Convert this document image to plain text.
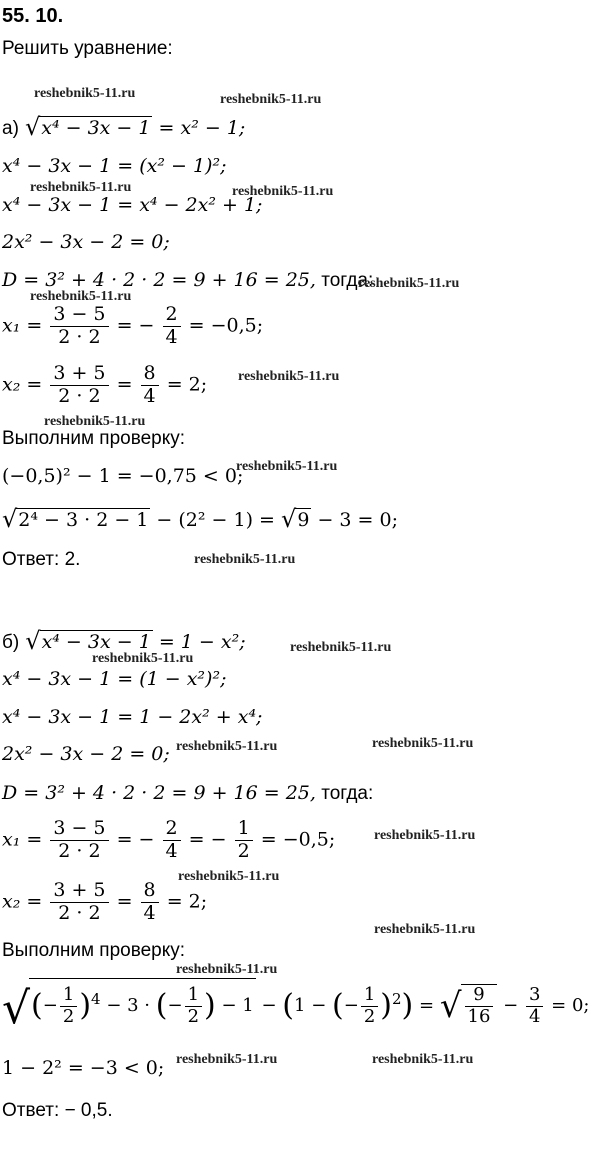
55. 10.
Решить уравнение:
а) √x⁴ − 3x − 1 = x² − 1;
x⁴ − 3x − 1 = (x² − 1)²;
x⁴ − 3x − 1 = x⁴ − 2x² + 1;
2x² − 3x − 2 = 0;
D = 3² + 4 · 2 · 2 = 9 + 16 = 25, тогда:
$x_1 = \frac{3 - 5}{2 \cdot 2}$ = − $\frac{2}{4} = -0,5$;
$x_2 = \frac{3 + 5}{2 \cdot 2} = \frac{8}{4} = 2$;
Выполним проверку:
(−0,5)² − 1 = −0,75 < 0;
√2⁴ − 3 · 2 − 1 − (2² − 1) = √9 − 3 = 0;
Ответ: 2.
б) √x⁴ − 3x − 1 = 1 − x²;
x⁴ − 3x − 1 = (1 − x²)²;
x⁴ − 3x − 1 = 1 − 2x² + x⁴;
2x² − 3x − 2 = 0;
D = 3² + 4 · 2 · 2 = 9 + 16 = 25, тогда:
$x_1 = \frac{3 - 5}{2 \cdot 2}$ = − $\frac{2}{4}$ = − $\frac{1}{2} = -0,5$;
$x_2 = \frac{3 + 5}{2 \cdot 2} = \frac{8}{4} = 2$;
Выполним проверку:
√(− $\frac{1}{2} )^4 - 3$ · (− $\frac{1}{2}$ ) − 1 − (1 − (− $\frac{1}{2} )^2$) = √ $\frac{9}{16} - \frac{3}{4} = 0$;
1 − 2² = −3 < 0;
Ответ: − 0,5.
reshebnik5-11.ru	reshebnik5-11.ru
reshebnik5-11.ru	reshebnik5-11.ru
reshebnik5-11.ru
reshebnik5-11.ru
reshebnik5-11.ru
reshebnik5-11.ru
reshebnik5-11.ru
reshebnik5-11.ru
reshebnik5-11.ru
reshebnik5-11.ru
reshebnik5-11.ru	reshebnik5-11.ru
reshebnik5-11.ru
reshebnik5-11.ru
reshebnik5-11.ru
reshebnik5-11.ru
reshebnik5-11.ru	reshebnik5-11.ru
